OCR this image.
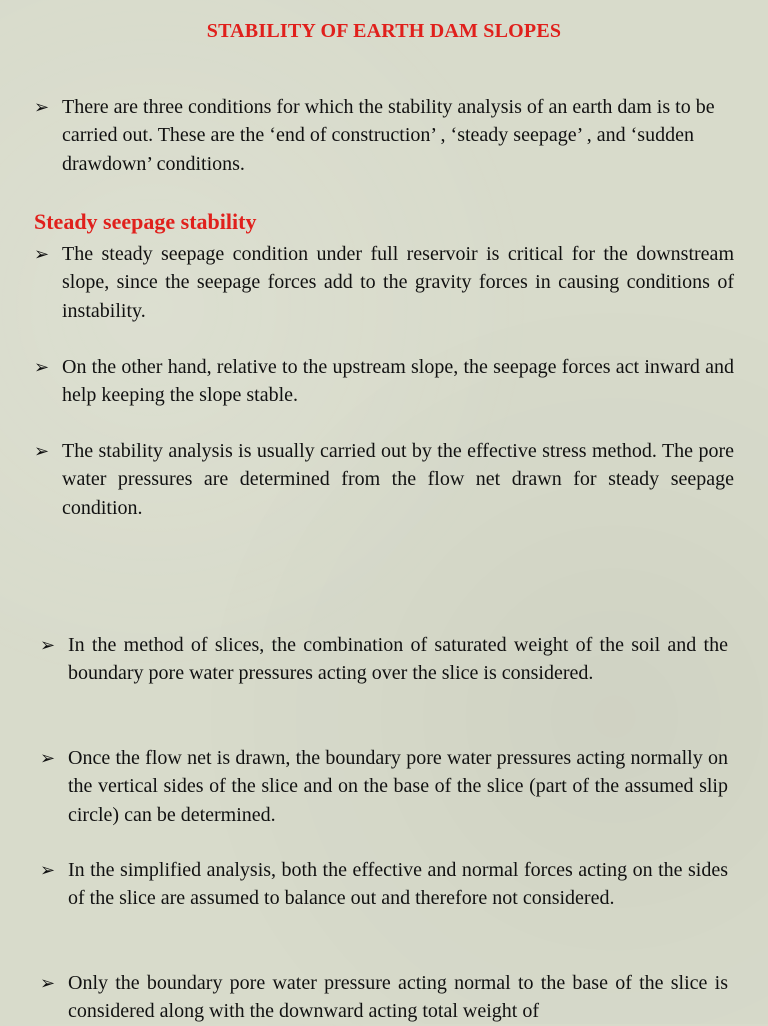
STABILITY OF EARTH DAM SLOPES
➢ There are three conditions for which the stability analysis of an earth dam is to be carried out. These are the ‘end of construction’ , ‘steady seepage’ , and ‘sudden drawdown’ conditions.
Steady seepage stability
➢ The steady seepage condition under full reservoir is critical for the downstream slope, since the seepage forces add to the gravity forces in causing conditions of instability.
➢ On the other hand, relative to the upstream slope, the seepage forces act inward and help keeping the slope stable.
➢ The stability analysis is usually carried out by the effective stress method. The pore water pressures are determined from the flow net drawn for steady seepage condition.
➢ In the method of slices, the combination of saturated weight of the soil and the boundary pore water pressures acting over the slice is considered.
➢ Once the flow net is drawn, the boundary pore water pressures acting normally on the vertical sides of the slice and on the base of the slice (part of the assumed slip circle) can be determined.
➢ In the simplified analysis, both the effective and normal forces acting on the sides of the slice are assumed to balance out and therefore not considered.
➢ Only the boundary pore water pressure acting normal to the base of the slice is considered along with the downward acting total weight of
